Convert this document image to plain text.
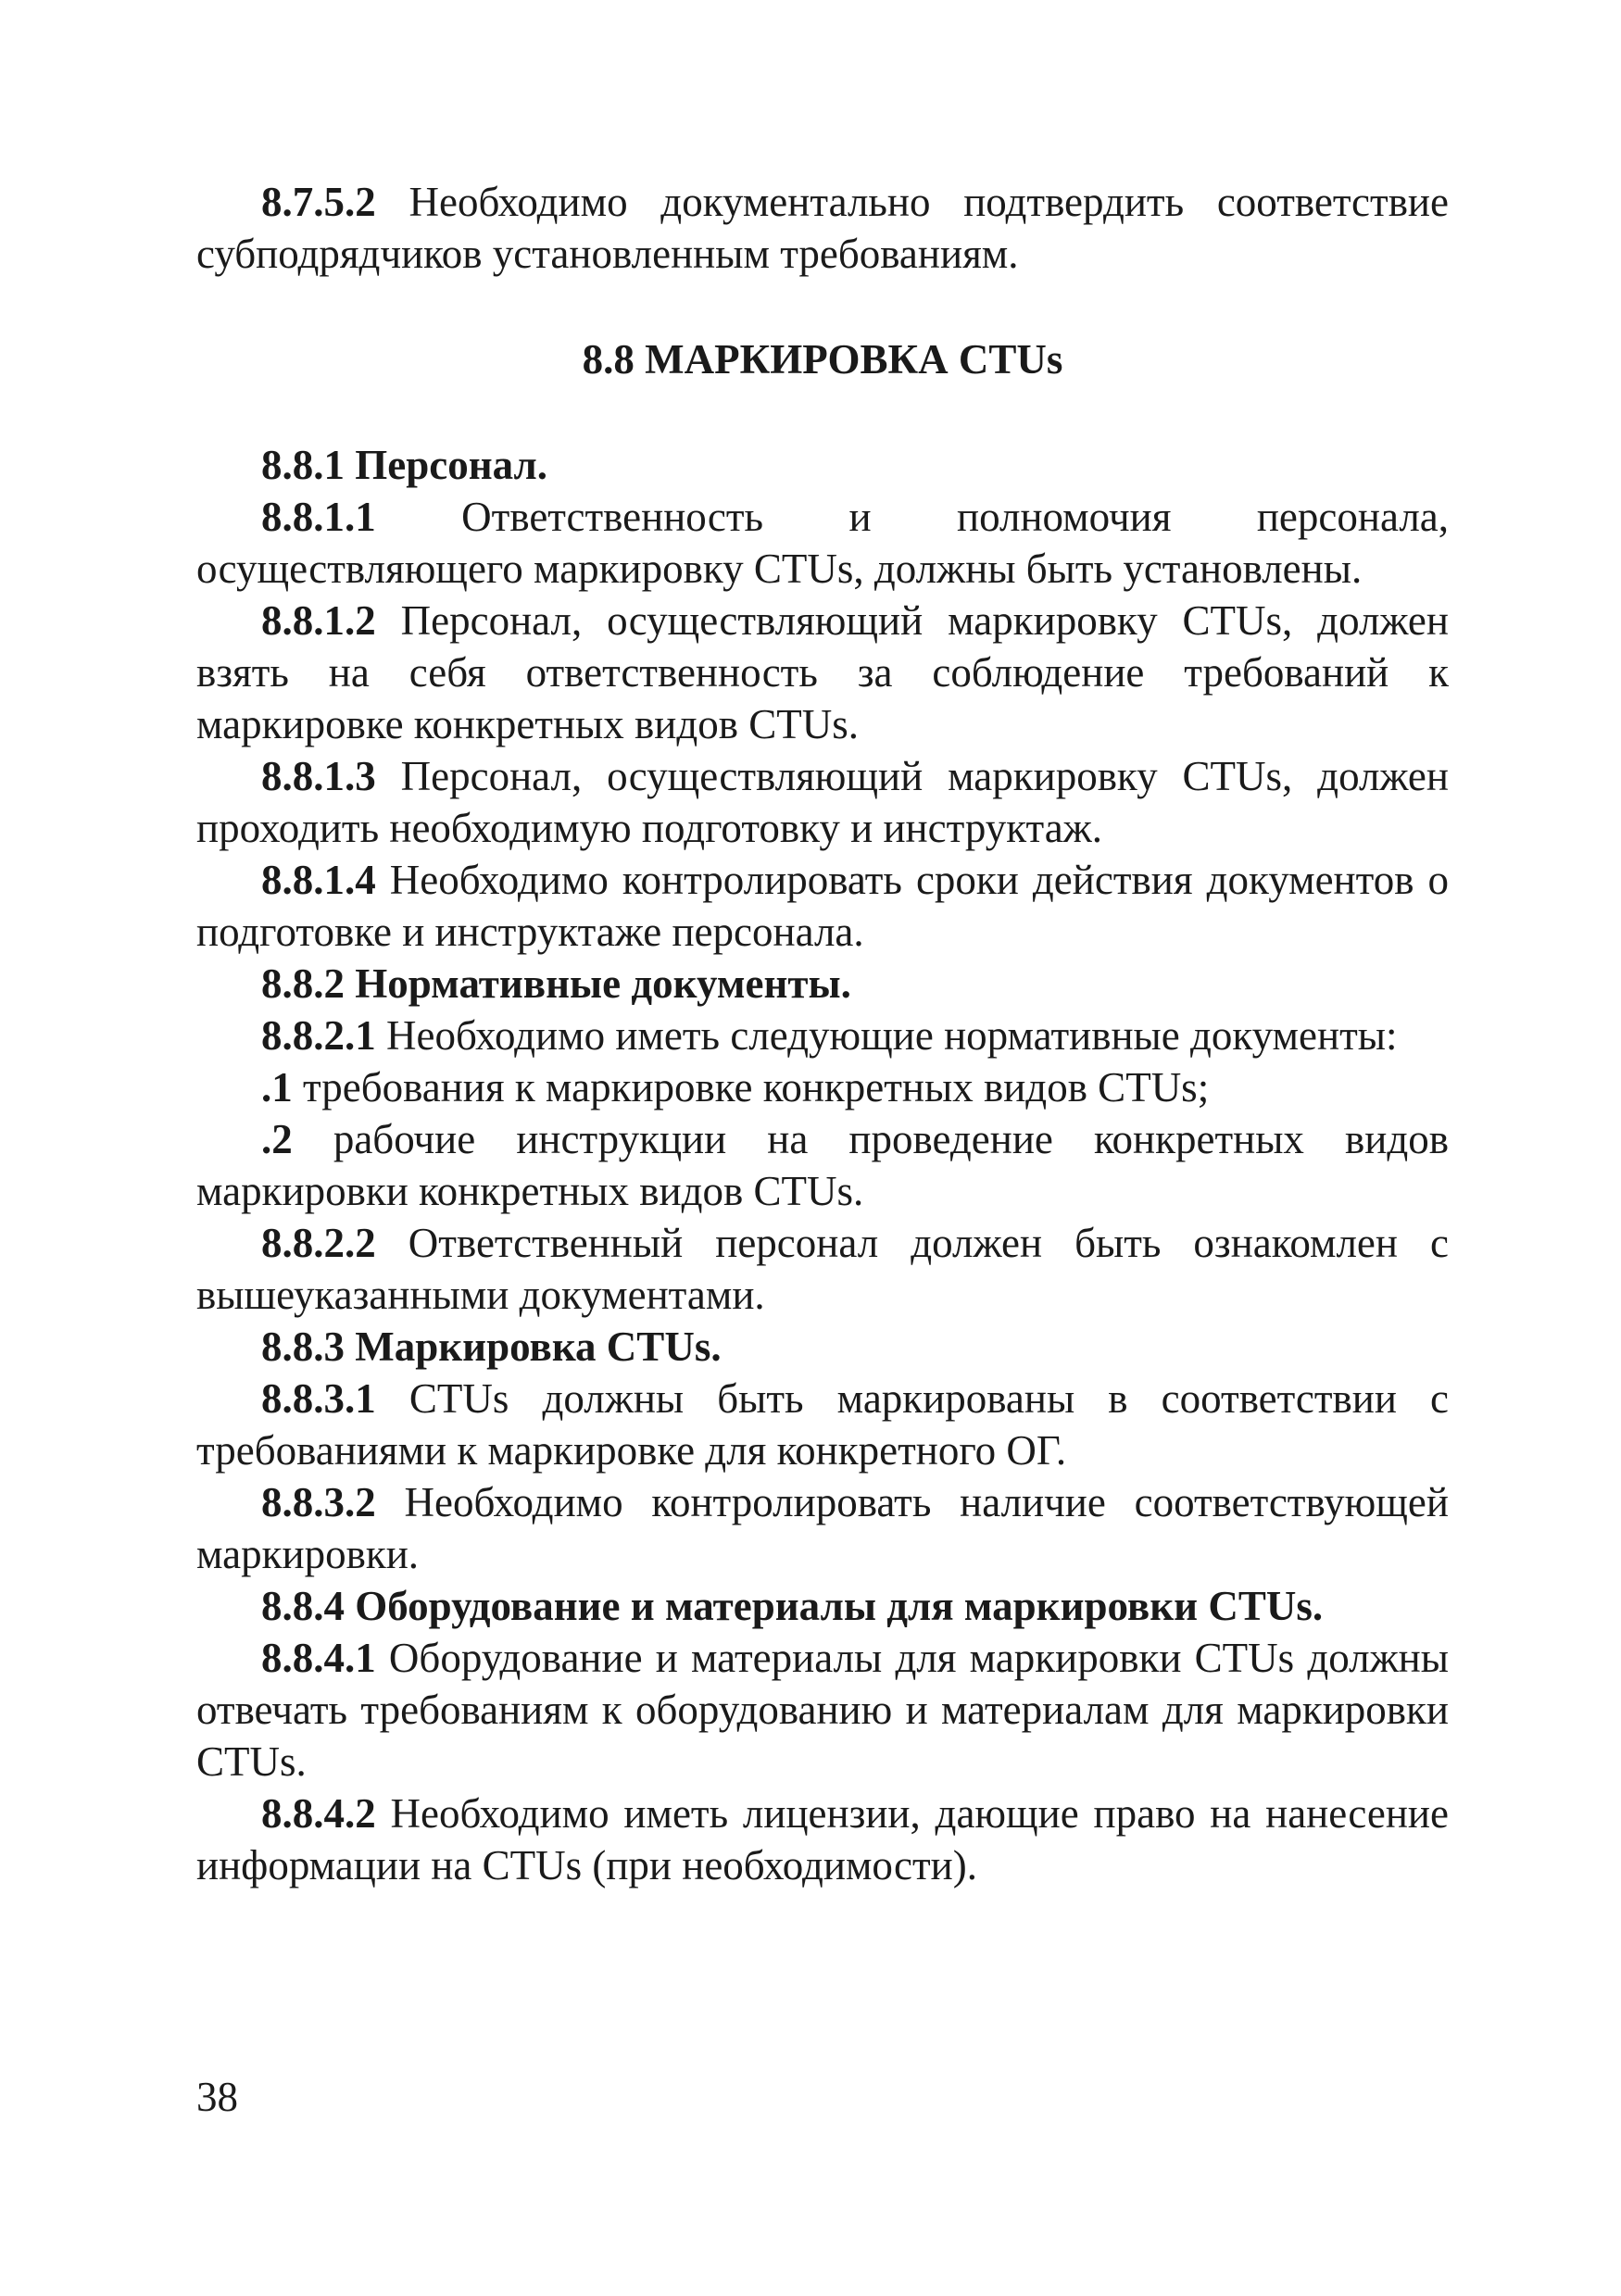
8.7.5.2 Необходимо документально подтвердить соответствие субподрядчиков установленным требованиям.

8.8 МАРКИРОВКА CTUs

8.8.1 Персонал.

8.8.1.1 Ответственность и полномочия персонала, осуществляющего маркировку CTUs, должны быть установлены.

8.8.1.2 Персонал, осуществляющий маркировку CTUs, должен взять на себя ответственность за соблюдение требований к маркировке конкретных видов CTUs.

8.8.1.3 Персонал, осуществляющий маркировку CTUs, должен проходить необходимую подготовку и инструктаж.

8.8.1.4 Необходимо контролировать сроки действия документов о подготовке и инструктаже персонала.

8.8.2 Нормативные документы.

8.8.2.1 Необходимо иметь следующие нормативные документы:

.1 требования к маркировке конкретных видов CTUs;

.2 рабочие инструкции на проведение конкретных видов маркировки конкретных видов CTUs.

8.8.2.2 Ответственный персонал должен быть ознакомлен с вышеуказанными документами.

8.8.3 Маркировка CTUs.

8.8.3.1 CTUs должны быть маркированы в соответствии с требованиями к маркировке для конкретного ОГ.

8.8.3.2 Необходимо контролировать наличие соответствующей маркировки.

8.8.4 Оборудование и материалы для маркировки CTUs.

8.8.4.1 Оборудование и материалы для маркировки CTUs должны отвечать требованиям к оборудованию и материалам для маркировки CTUs.

8.8.4.2 Необходимо иметь лицензии, дающие право на нанесение информации на CTUs (при необходимости).

38
